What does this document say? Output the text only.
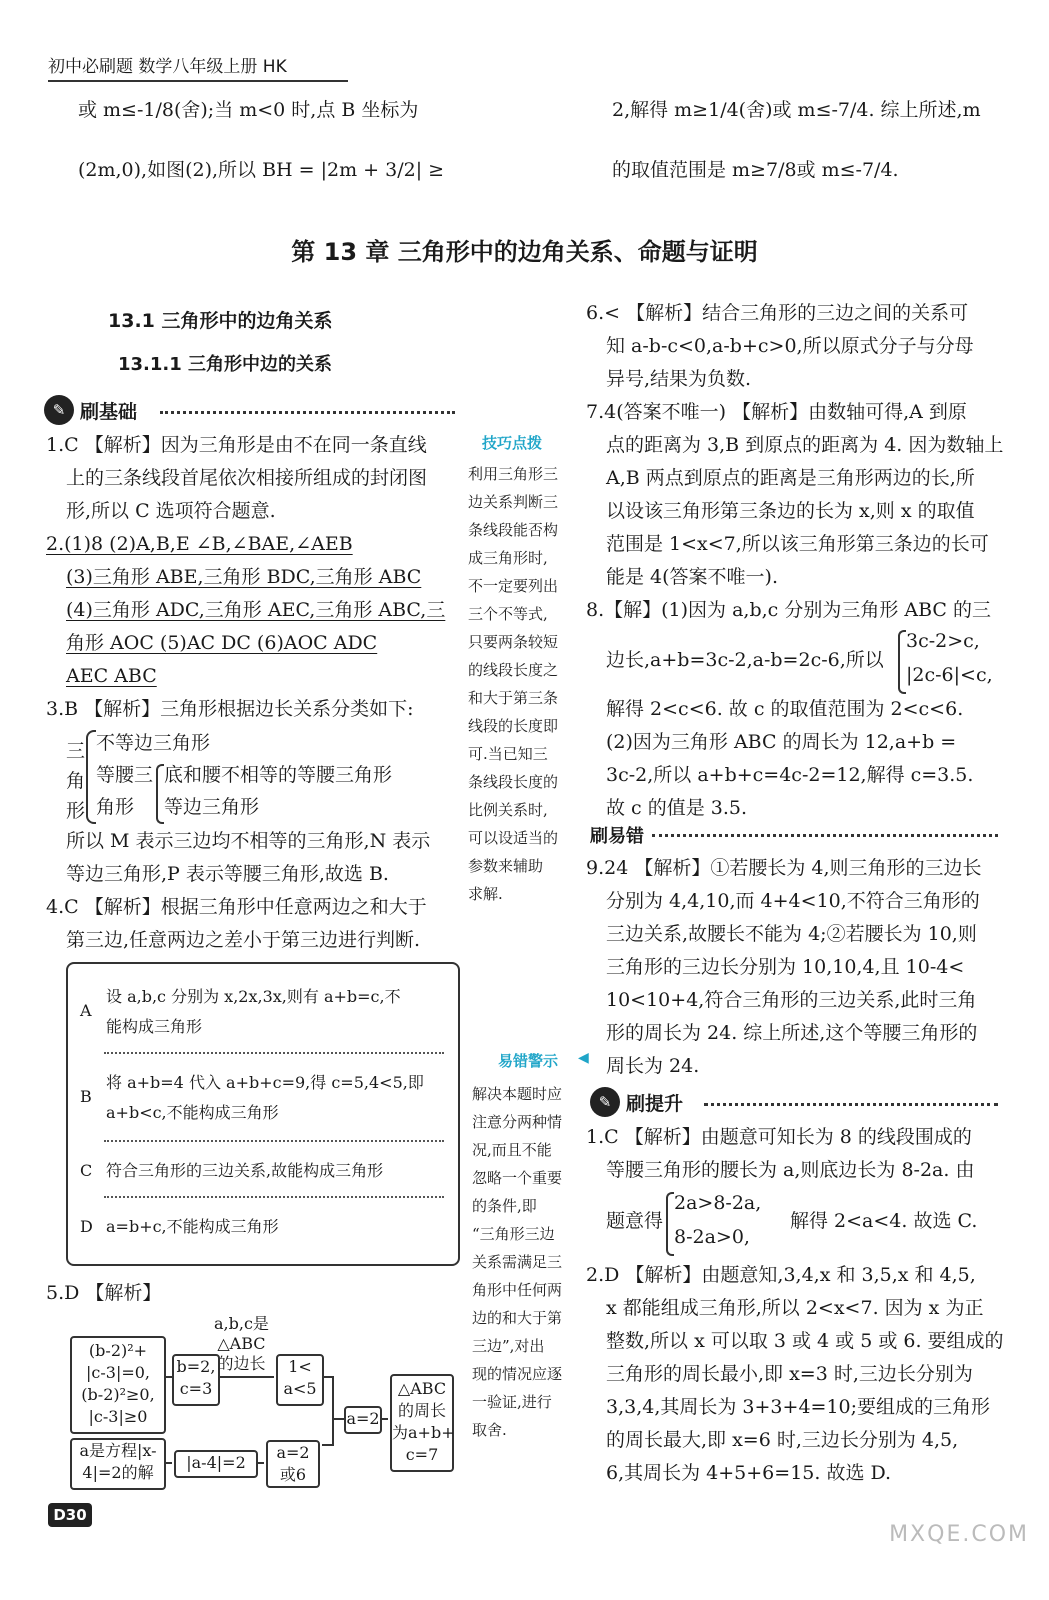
初中必刷题 数学八年级上册 HK
或 m≤-1/8(舍);当 m<0 时,点 B 坐标为
(2m,0),如图(2),所以 BH = |2m + 3/2| ≥
2,解得 m≥1/4(舍)或 m≤-7/4. 综上所述,m
的取值范围是 m≥7/8或 m≤-7/4.
第 13 章 三角形中的边角关系、命题与证明
13.1 三角形中的边角关系
13.1.1 三角形中边的关系
✎ 刷基础
1.C 【解析】因为三角形是由不在同一条直线
上的三条线段首尾依次相接所组成的封闭图
形,所以 C 选项符合题意.
2.(1)8 (2)A,B,E ∠B,∠BAE,∠AEB
(3)三角形 ABE,三角形 BDC,三角形 ABC
(4)三角形 ADC,三角形 AEC,三角形 ABC,三
角形 AOC (5)AC DC (6)AOC ADC
AEC ABC
3.B 【解析】三角形根据边长关系分类如下:
三
角
形
不等边三角形
等腰三
角形
底和腰不相等的等腰三角形
等边三角形
所以 M 表示三边均不相等的三角形,N 表示
等边三角形,P 表示等腰三角形,故选 B.
4.C 【解析】根据三角形中任意两边之和大于
第三边,任意两边之差小于第三边进行判断.
A
设 a,b,c 分别为 x,2x,3x,则有 a+b=c,不
能构成三角形
B
将 a+b=4 代入 a+b+c=9,得 c=5,4<5,即
a+b<c,不能构成三角形
C 符合三角形的三边关系,故能构成三角形
D a=b+c,不能构成三角形
5.D 【解析】
a,b,c是
△ABC
的边长
(b-2)²+
|c-3|=0,
(b-2)²≥0,
|c-3|≥0
b=2,
c=3
1<
a<5
a=2
△ABC
的周长
为a+b+
c=7
a是方程|x-
4|=2的解
|a-4|=2
a=2
或6
技巧点拨
利用三角形三
边关系判断三
条线段能否构
成三角形时,
不一定要列出
三个不等式,
只要两条较短
的线段长度之
和大于第三条
线段的长度即
可.当已知三
条线段长度的
比例关系时,
可以设适当的
参数来辅助
求解.
易错警示 ◀
解决本题时应
注意分两种情
况,而且不能
忽略一个重要
的条件,即
“三角形三边
关系需满足三
角形中任何两
边的和大于第
三边”,对出
现的情况应逐
一验证,进行
取舍.
6.< 【解析】结合三角形的三边之间的关系可
知 a-b-c<0,a-b+c>0,所以原式分子与分母
异号,结果为负数.
7.4(答案不唯一) 【解析】由数轴可得,A 到原
点的距离为 3,B 到原点的距离为 4. 因为数轴上
A,B 两点到原点的距离是三角形两边的长,所
以设该三角形第三条边的长为 x,则 x 的取值
范围是 1<x<7,所以该三角形第三条边的长可
能是 4(答案不唯一).
8.【解】(1)因为 a,b,c 分别为三角形 ABC 的三
边长,a+b=3c-2,a-b=2c-6,所以
3c-2>c,
|2c-6|<c,
解得 2<c<6. 故 c 的取值范围为 2<c<6.
(2)因为三角形 ABC 的周长为 12,a+b =
3c-2,所以 a+b+c=4c-2=12,解得 c=3.5.
故 c 的值是 3.5.
刷易错
9.24 【解析】①若腰长为 4,则三角形的三边长
分别为 4,4,10,而 4+4<10,不符合三角形的
三边关系,故腰长不能为 4;②若腰长为 10,则
三角形的三边长分别为 10,10,4,且 10-4<
10<10+4,符合三角形的三边关系,此时三角
形的周长为 24. 综上所述,这个等腰三角形的
周长为 24.
✎ 刷提升
1.C 【解析】由题意可知长为 8 的线段围成的
等腰三角形的腰长为 a,则底边长为 8-2a. 由
题意得
2a>8-2a,
8-2a>0,
解得 2<a<4. 故选 C.
2.D 【解析】由题意知,3,4,x 和 3,5,x 和 4,5,
x 都能组成三角形,所以 2<x<7. 因为 x 为正
整数,所以 x 可以取 3 或 4 或 5 或 6. 要组成的
三角形的周长最小,即 x=3 时,三边长分别为
3,3,4,其周长为 3+3+4=10;要组成的三角形
的周长最大,即 x=6 时,三边长分别为 4,5,
6,其周长为 4+5+6=15. 故选 D.
D30
MXQE.COM
